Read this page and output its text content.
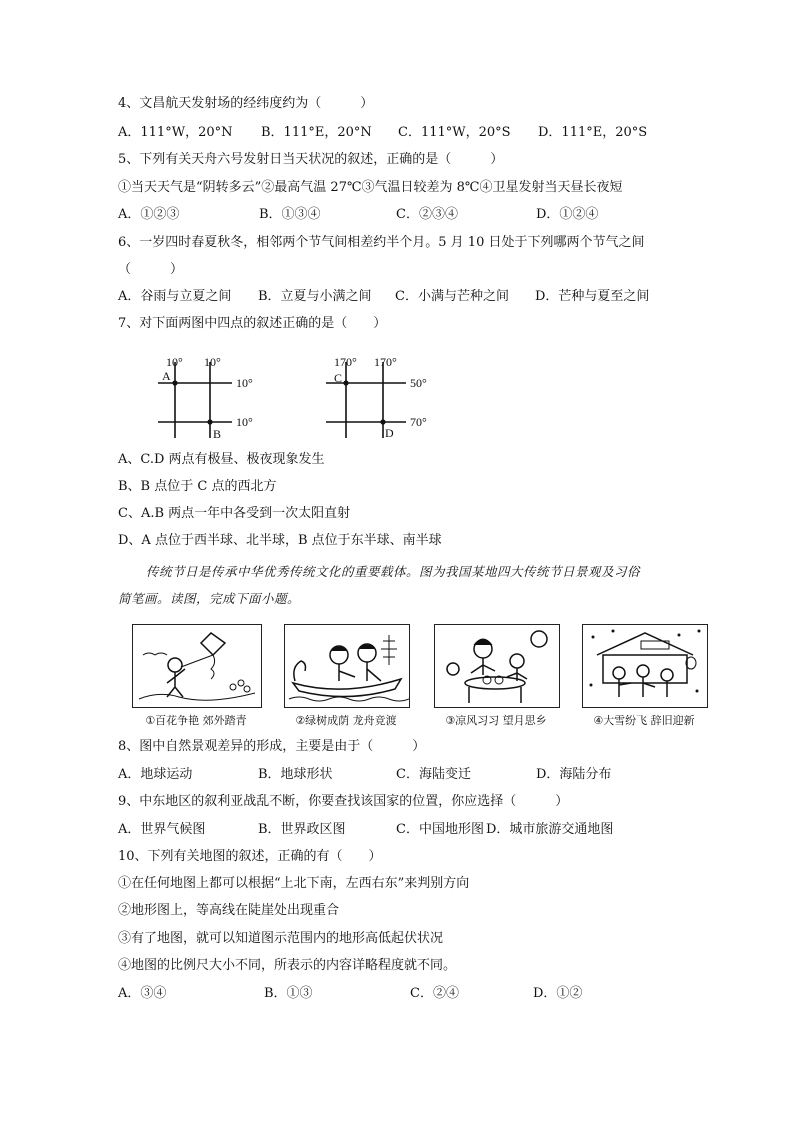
4、文昌航天发射场的经纬度约为（　　　）
A．111°W，20°N B．111°E，20°N C．111°W，20°S D．111°E，20°S
5、下列有关天舟六号发射日当天状况的叙述，正确的是（　　　）
①当天天气是“阴转多云”②最高气温 27℃③气温日较差为 8℃④卫星发射当天昼长夜短
A．①②③	B．①③④	C．②③④	D．①②④
6、一岁四时春夏秋冬，相邻两个节气间相差约半个月。5 月 10 日处于下列哪两个节气之间
（　　　）
A．谷雨与立夏之间 B．立夏与小满之间 C．小满与芒种之间 D．芒种与夏至之间
7、对下面两图中四点的叙述正确的是（　　）
10° 10°
10°
10°
A
B
170° 170°
50°
70°
C
D
A、C.D 两点有极昼、极夜现象发生
B、B 点位于 C 点的西北方
C、A.B 两点一年中各受到一次太阳直射
D、A 点位于西半球、北半球，B 点位于东半球、南半球
传统节日是传承中华优秀传统文化的重要载体。图为我国某地四大传统节日景观及习俗
简笔画。读图，完成下面小题。
①百花争艳 郊外踏青	②绿树成荫 龙舟竞渡	③凉风习习 望月思乡	④大雪纷飞 辞旧迎新
8、图中自然景观差异的形成，主要是由于（　　　）
A．地球运动	B．地球形状	C．海陆变迁	D．海陆分布
9、中东地区的叙利亚战乱不断，你要查找该国家的位置，你应选择（　　　）
A．世界气候图	B．世界政区图	C．中国地形图 D．城市旅游交通地图
10、下列有关地图的叙述，正确的有（　　）
①在任何地图上都可以根据“上北下南，左西右东”来判别方向
②地形图上，等高线在陡崖处出现重合
③有了地图，就可以知道图示范围内的地形高低起伏状况
④地图的比例尺大小不同，所表示的内容详略程度就不同。
A．③④	B．①③	C．②④	D．①②
